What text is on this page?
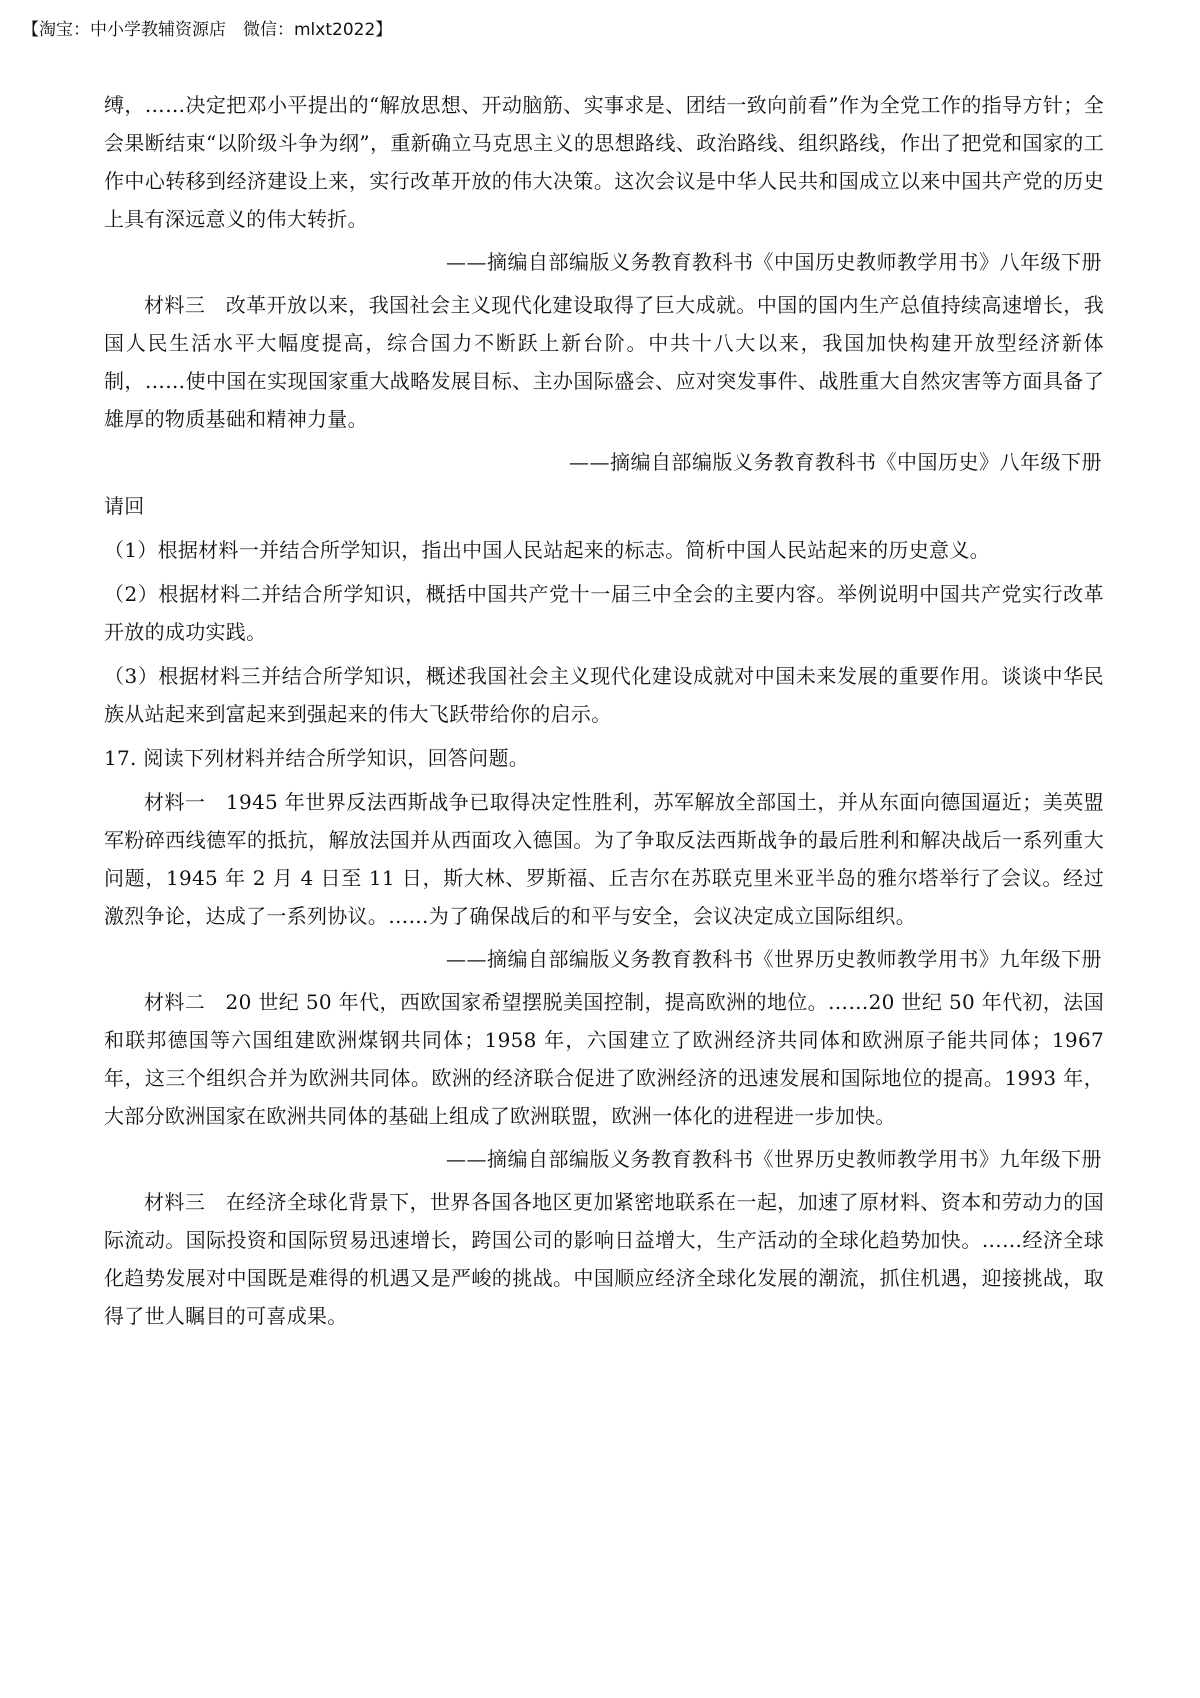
【淘宝：中小学教辅资源店　微信：mlxt2022】

缚，……决定把邓小平提出的“解放思想、开动脑筋、实事求是、团结一致向前看”作为全党工作的指导方针；全会果断结束“以阶级斗争为纲”，重新确立马克思主义的思想路线、政治路线、组织路线，作出了把党和国家的工作中心转移到经济建设上来，实行改革开放的伟大决策。这次会议是中华人民共和国成立以来中国共产党的历史上具有深远意义的伟大转折。

——摘编自部编版义务教育教科书《中国历史教师教学用书》八年级下册

材料三　改革开放以来，我国社会主义现代化建设取得了巨大成就。中国的国内生产总值持续高速增长，我国人民生活水平大幅度提高，综合国力不断跃上新台阶。中共十八大以来，我国加快构建开放型经济新体制，……使中国在实现国家重大战略发展目标、主办国际盛会、应对突发事件、战胜重大自然灾害等方面具备了雄厚的物质基础和精神力量。

——摘编自部编版义务教育教科书《中国历史》八年级下册

请回

（1）根据材料一并结合所学知识，指出中国人民站起来的标志。简析中国人民站起来的历史意义。

（2）根据材料二并结合所学知识，概括中国共产党十一届三中全会的主要内容。举例说明中国共产党实行改革开放的成功实践。

（3）根据材料三并结合所学知识，概述我国社会主义现代化建设成就对中国未来发展的重要作用。谈谈中华民族从站起来到富起来到强起来的伟大飞跃带给你的启示。

17. 阅读下列材料并结合所学知识，回答问题。

材料一　1945 年世界反法西斯战争已取得决定性胜利，苏军解放全部国土，并从东面向德国逼近；美英盟军粉碎西线德军的抵抗，解放法国并从西面攻入德国。为了争取反法西斯战争的最后胜利和解决战后一系列重大问题，1945 年 2 月 4 日至 11 日，斯大林、罗斯福、丘吉尔在苏联克里米亚半岛的雅尔塔举行了会议。经过激烈争论，达成了一系列协议。……为了确保战后的和平与安全，会议决定成立国际组织。

——摘编自部编版义务教育教科书《世界历史教师教学用书》九年级下册

材料二　20 世纪 50 年代，西欧国家希望摆脱美国控制，提高欧洲的地位。……20 世纪 50 年代初，法国和联邦德国等六国组建欧洲煤钢共同体；1958 年，六国建立了欧洲经济共同体和欧洲原子能共同体；1967 年，这三个组织合并为欧洲共同体。欧洲的经济联合促进了欧洲经济的迅速发展和国际地位的提高。1993 年，大部分欧洲国家在欧洲共同体的基础上组成了欧洲联盟，欧洲一体化的进程进一步加快。

——摘编自部编版义务教育教科书《世界历史教师教学用书》九年级下册

材料三　在经济全球化背景下，世界各国各地区更加紧密地联系在一起，加速了原材料、资本和劳动力的国际流动。国际投资和国际贸易迅速增长，跨国公司的影响日益增大，生产活动的全球化趋势加快。……经济全球化趋势发展对中国既是难得的机遇又是严峻的挑战。中国顺应经济全球化发展的潮流，抓住机遇，迎接挑战，取得了世人瞩目的可喜成果。
